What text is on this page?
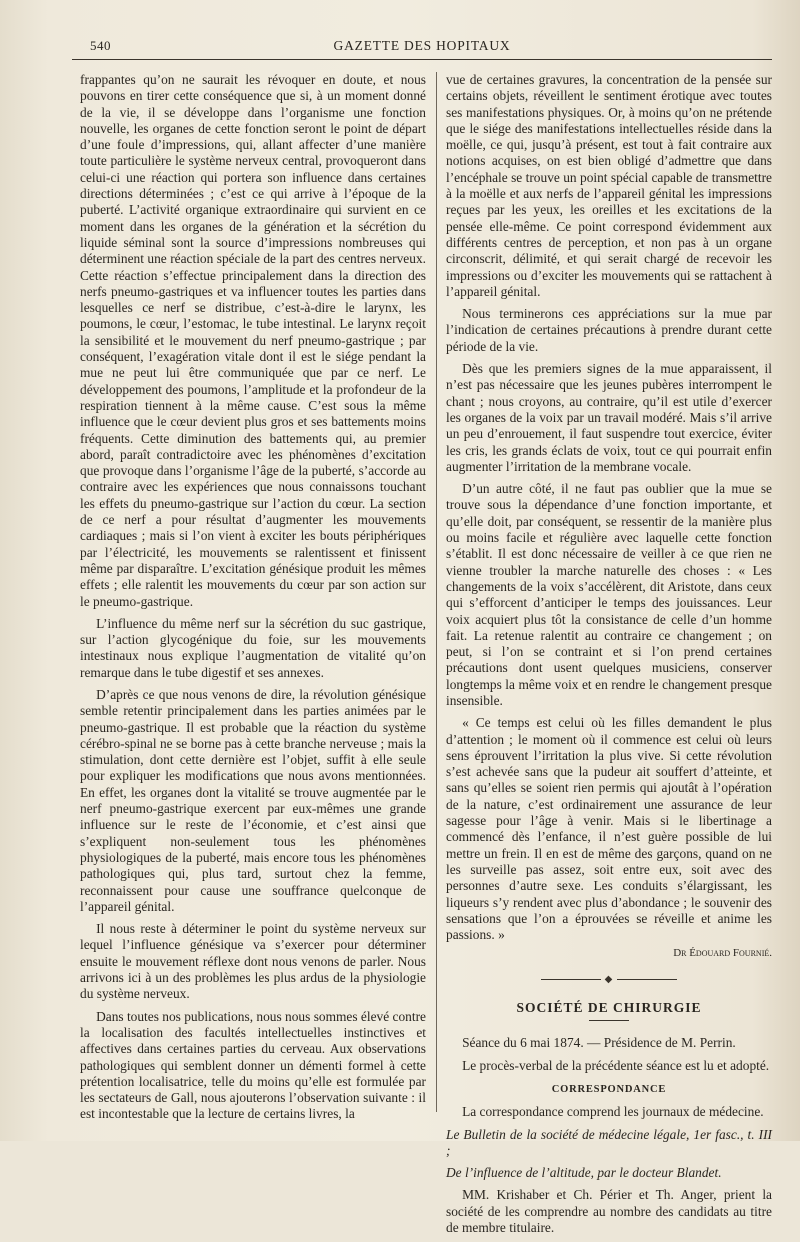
540	GAZETTE DES HOPITAUX

frappantes qu’on ne saurait les révoquer en doute, et nous pouvons en tirer cette conséquence que si, à un moment donné de la vie, il se développe dans l’organisme une fonction nouvelle, les organes de cette fonction seront le point de départ d’une foule d’impressions, qui, allant affecter d’une manière toute particulière le système nerveux central, provoqueront dans celui-ci une réaction qui portera son influence dans certaines directions déterminées ; c’est ce qui arrive à l’époque de la puberté. L’activité organique extraordinaire qui survient en ce moment dans les organes de la génération et la sécrétion du liquide séminal sont la source d’impressions nombreuses qui déterminent une réaction spéciale de la part des centres nerveux. Cette réaction s’effectue principalement dans la direction des nerfs pneumo-gastriques et va influencer toutes les parties dans lesquelles ce nerf se distribue, c’est-à-dire le larynx, les poumons, le cœur, l’estomac, le tube intestinal. Le larynx reçoit la sensibilité et le mouvement du nerf pneumo-gastrique ; par conséquent, l’exagération vitale dont il est le siége pendant la mue ne peut lui être communiquée que par ce nerf. Le développement des poumons, l’amplitude et la profondeur de la respiration tiennent à la même cause. C’est sous la même influence que le cœur devient plus gros et ses battements moins fréquents. Cette diminution des battements qui, au premier abord, paraît contradictoire avec les phénomènes d’excitation que provoque dans l’organisme l’âge de la puberté, s’accorde au contraire avec les expériences que nous connaissons touchant les effets du pneumo-gastrique sur l’action du cœur. La section de ce nerf a pour résultat d’augmenter les mouvements cardiaques ; mais si l’on vient à exciter les bouts périphériques par l’électricité, les mouvements se ralentissent et finissent même par disparaître. L’excitation génésique produit les mêmes effets ; elle ralentit les mouvements du cœur par son action sur le pneumo-gastrique.

L’influence du même nerf sur la sécrétion du suc gastrique, sur l’action glycogénique du foie, sur les mouvements intestinaux nous explique l’augmentation de vitalité qu’on remarque dans le tube digestif et ses annexes.

D’après ce que nous venons de dire, la révolution génésique semble retentir principalement dans les parties animées par le pneumo-gastrique. Il est probable que la réaction du système cérébro-spinal ne se borne pas à cette branche nerveuse ; mais la stimulation, dont cette dernière est l’objet, suffit à elle seule pour expliquer les modifications que nous avons mentionnées. En effet, les organes dont la vitalité se trouve augmentée par le nerf pneumo-gastrique exercent par eux-mêmes une grande influence sur le reste de l’économie, et c’est ainsi que s’expliquent non-seulement tous les phénomènes physiologiques de la puberté, mais encore tous les phénomènes pathologiques qui, plus tard, surtout chez la femme, reconnaissent pour cause une souffrance quelconque de l’appareil génital.

Il nous reste à déterminer le point du système nerveux sur lequel l’influence génésique va s’exercer pour déterminer ensuite le mouvement réflexe dont nous venons de parler. Nous arrivons ici à un des problèmes les plus ardus de la physiologie du système nerveux.

Dans toutes nos publications, nous nous sommes élevé contre la localisation des facultés intellectuelles instinctives et affectives dans certaines parties du cerveau. Aux observations pathologiques qui semblent donner un démenti formel à cette prétention localisatrice, telle du moins qu’elle est formulée par les sectateurs de Gall, nous ajouterons l’observation suivante : il est incontestable que la lecture de certains livres, la

vue de certaines gravures, la concentration de la pensée sur certains objets, réveillent le sentiment érotique avec toutes ses manifestations physiques. Or, à moins qu’on ne prétende que le siége des manifestations intellectuelles réside dans la moëlle, ce qui, jusqu’à présent, est tout à fait contraire aux notions acquises, on est bien obligé d’admettre que dans l’encéphale se trouve un point spécial capable de transmettre à la moëlle et aux nerfs de l’appareil génital les impressions reçues par les yeux, les oreilles et les excitations de la pensée elle-même. Ce point correspond évidemment aux différents centres de perception, et non pas à un organe circonscrit, délimité, et qui serait chargé de recevoir les impressions ou d’exciter les mouvements qui se rattachent à l’appareil génital.

Nous terminerons ces appréciations sur la mue par l’indication de certaines précautions à prendre durant cette période de la vie.

Dès que les premiers signes de la mue apparaissent, il n’est pas nécessaire que les jeunes pubères interrompent le chant ; nous croyons, au contraire, qu’il est utile d’exercer les organes de la voix par un travail modéré. Mais s’il arrive un peu d’enrouement, il faut suspendre tout exercice, éviter les cris, les grands éclats de voix, tout ce qui pourrait enfin augmenter l’irritation de la membrane vocale.

D’un autre côté, il ne faut pas oublier que la mue se trouve sous la dépendance d’une fonction importante, et qu’elle doit, par conséquent, se ressentir de la manière plus ou moins facile et régulière avec laquelle cette fonction s’établit. Il est donc nécessaire de veiller à ce que rien ne vienne troubler la marche naturelle des choses : « Les changements de la voix s’accélèrent, dit Aristote, dans ceux qui s’efforcent d’anticiper le temps des jouissances. Leur voix acquiert plus tôt la consistance de celle d’un homme fait. La retenue ralentit au contraire ce changement ; on peut, si l’on se contraint et si l’on prend certaines précautions dont usent quelques musiciens, conserver longtemps la même voix et en rendre le changement presque insensible.

« Ce temps est celui où les filles demandent le plus d’attention ; le moment où il commence est celui où leurs sens éprouvent l’irritation la plus vive. Si cette révolution s’est achevée sans que la pudeur ait souffert d’atteinte, et sans qu’elles se soient rien permis qui ajoutât à l’opération de la nature, c’est ordinairement une assurance de leur sagesse pour l’âge à venir. Mais si le libertinage a commencé dès l’enfance, il n’est guère possible de lui mettre un frein. Il en est de même des garçons, quand on ne les surveille pas assez, soit entre eux, soit avec des personnes d’autre sexe. Les conduits s’élargissant, les liqueurs s’y rendent avec plus d’abondance ; le souvenir des sensations que l’on a éprouvées se réveille et anime les passions. »

Dr Édouard Fournié.
◆
SOCIÉTÉ DE CHIRURGIE

Séance du 6 mai 1874. — Présidence de M. Perrin.

Le procès-verbal de la précédente séance est lu et adopté.

CORRESPONDANCE

La correspondance comprend les journaux de médecine.

Le Bulletin de la société de médecine légale, 1er fasc., t. III ;

De l’influence de l’altitude, par le docteur Blandet.

MM. Krishaber et Ch. Périer et Th. Anger, prient la société de les comprendre au nombre des candidats au titre de membre titulaire.
